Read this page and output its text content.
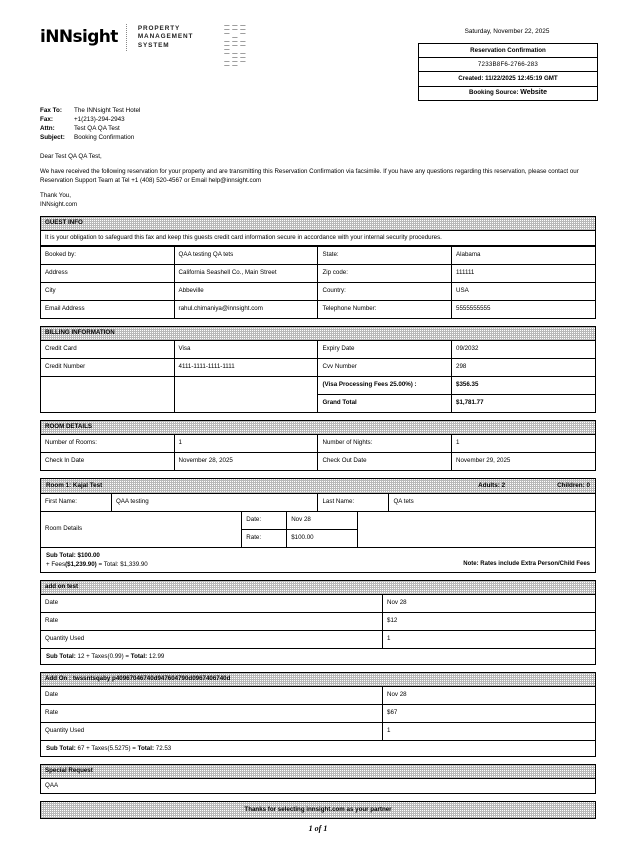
iNNsight	PROPERTY
MANAGEMENT
SYSTEM	||| |||| || || ||| |||| ||| || |||	Saturday, November 22, 2025
Reservation Confirmation
7233B8F6-2766-283
Created: 11/22/2025 12:45:19 GMT
Booking Source: Website
Fax To:	The INNsight Test Hotel
Fax:	+1(213)-294-2943
Attn:	Test QA QA Test
Subject:	Booking Confirmation

Dear Test QA QA Test,

We have received the following reservation for your property and are transmitting this Reservation Confirmation via facsimile. If you have any questions regarding this reservation, please contact our

Reservation Support Team at Tel +1 (408) 520-4567 or Email help@innsight.com

Thank You,

INNsight.com

GUEST INFO
It is your obligation to safeguard this fax and keep this guests credit card information secure in accordance with your internal security procedures.
Booked by:	QAA testing QA tets	State:	Alabama
Address	California Seashell Co., Main Street	Zip code:	111111
City	Abbeville	Country:	USA
Email Address	rahul.chimaniya@innsight.com	Telephone Number:	5555555555
BILLING INFORMATION
Credit Card	Visa	Expiry Date	09/2032
Credit Number	4111-1111-1111-1111	Cvv Number	298
		(Visa Processing Fees 25.00%) :	$356.35
		Grand Total	$1,781.77
ROOM DETAILS
Number of Rooms:	1	Number of Nights:	1
Check In Date	November 28, 2025	Check Out Date	November 29, 2025
Room 1: Kajal Test	Adults: 2	Children: 0
First Name:	QAA testing	Last Name:	QA tets
Room Details	Date:	Nov 28	
	Rate:	$100.00	
Sub Total: $100.00
+ Fees($1,239.90) = Total: $1,339.90	Note: Rates include Extra Person/Child Fees
add on test
Date	Nov 28
Rate	$12
Quantity Used	1
Sub Total: 12 + Taxes(0.99) = Total: 12.99
Add On : twssntsqaby p40967046740d947604790d0967406740d
Date	Nov 28
Rate	$67
Quantity Used	1
Sub Total: 67 + Taxes(5.5275) = Total: 72.53
Special Request
QAA
Thanks for selecting innsight.com as your partner
1 of 1
